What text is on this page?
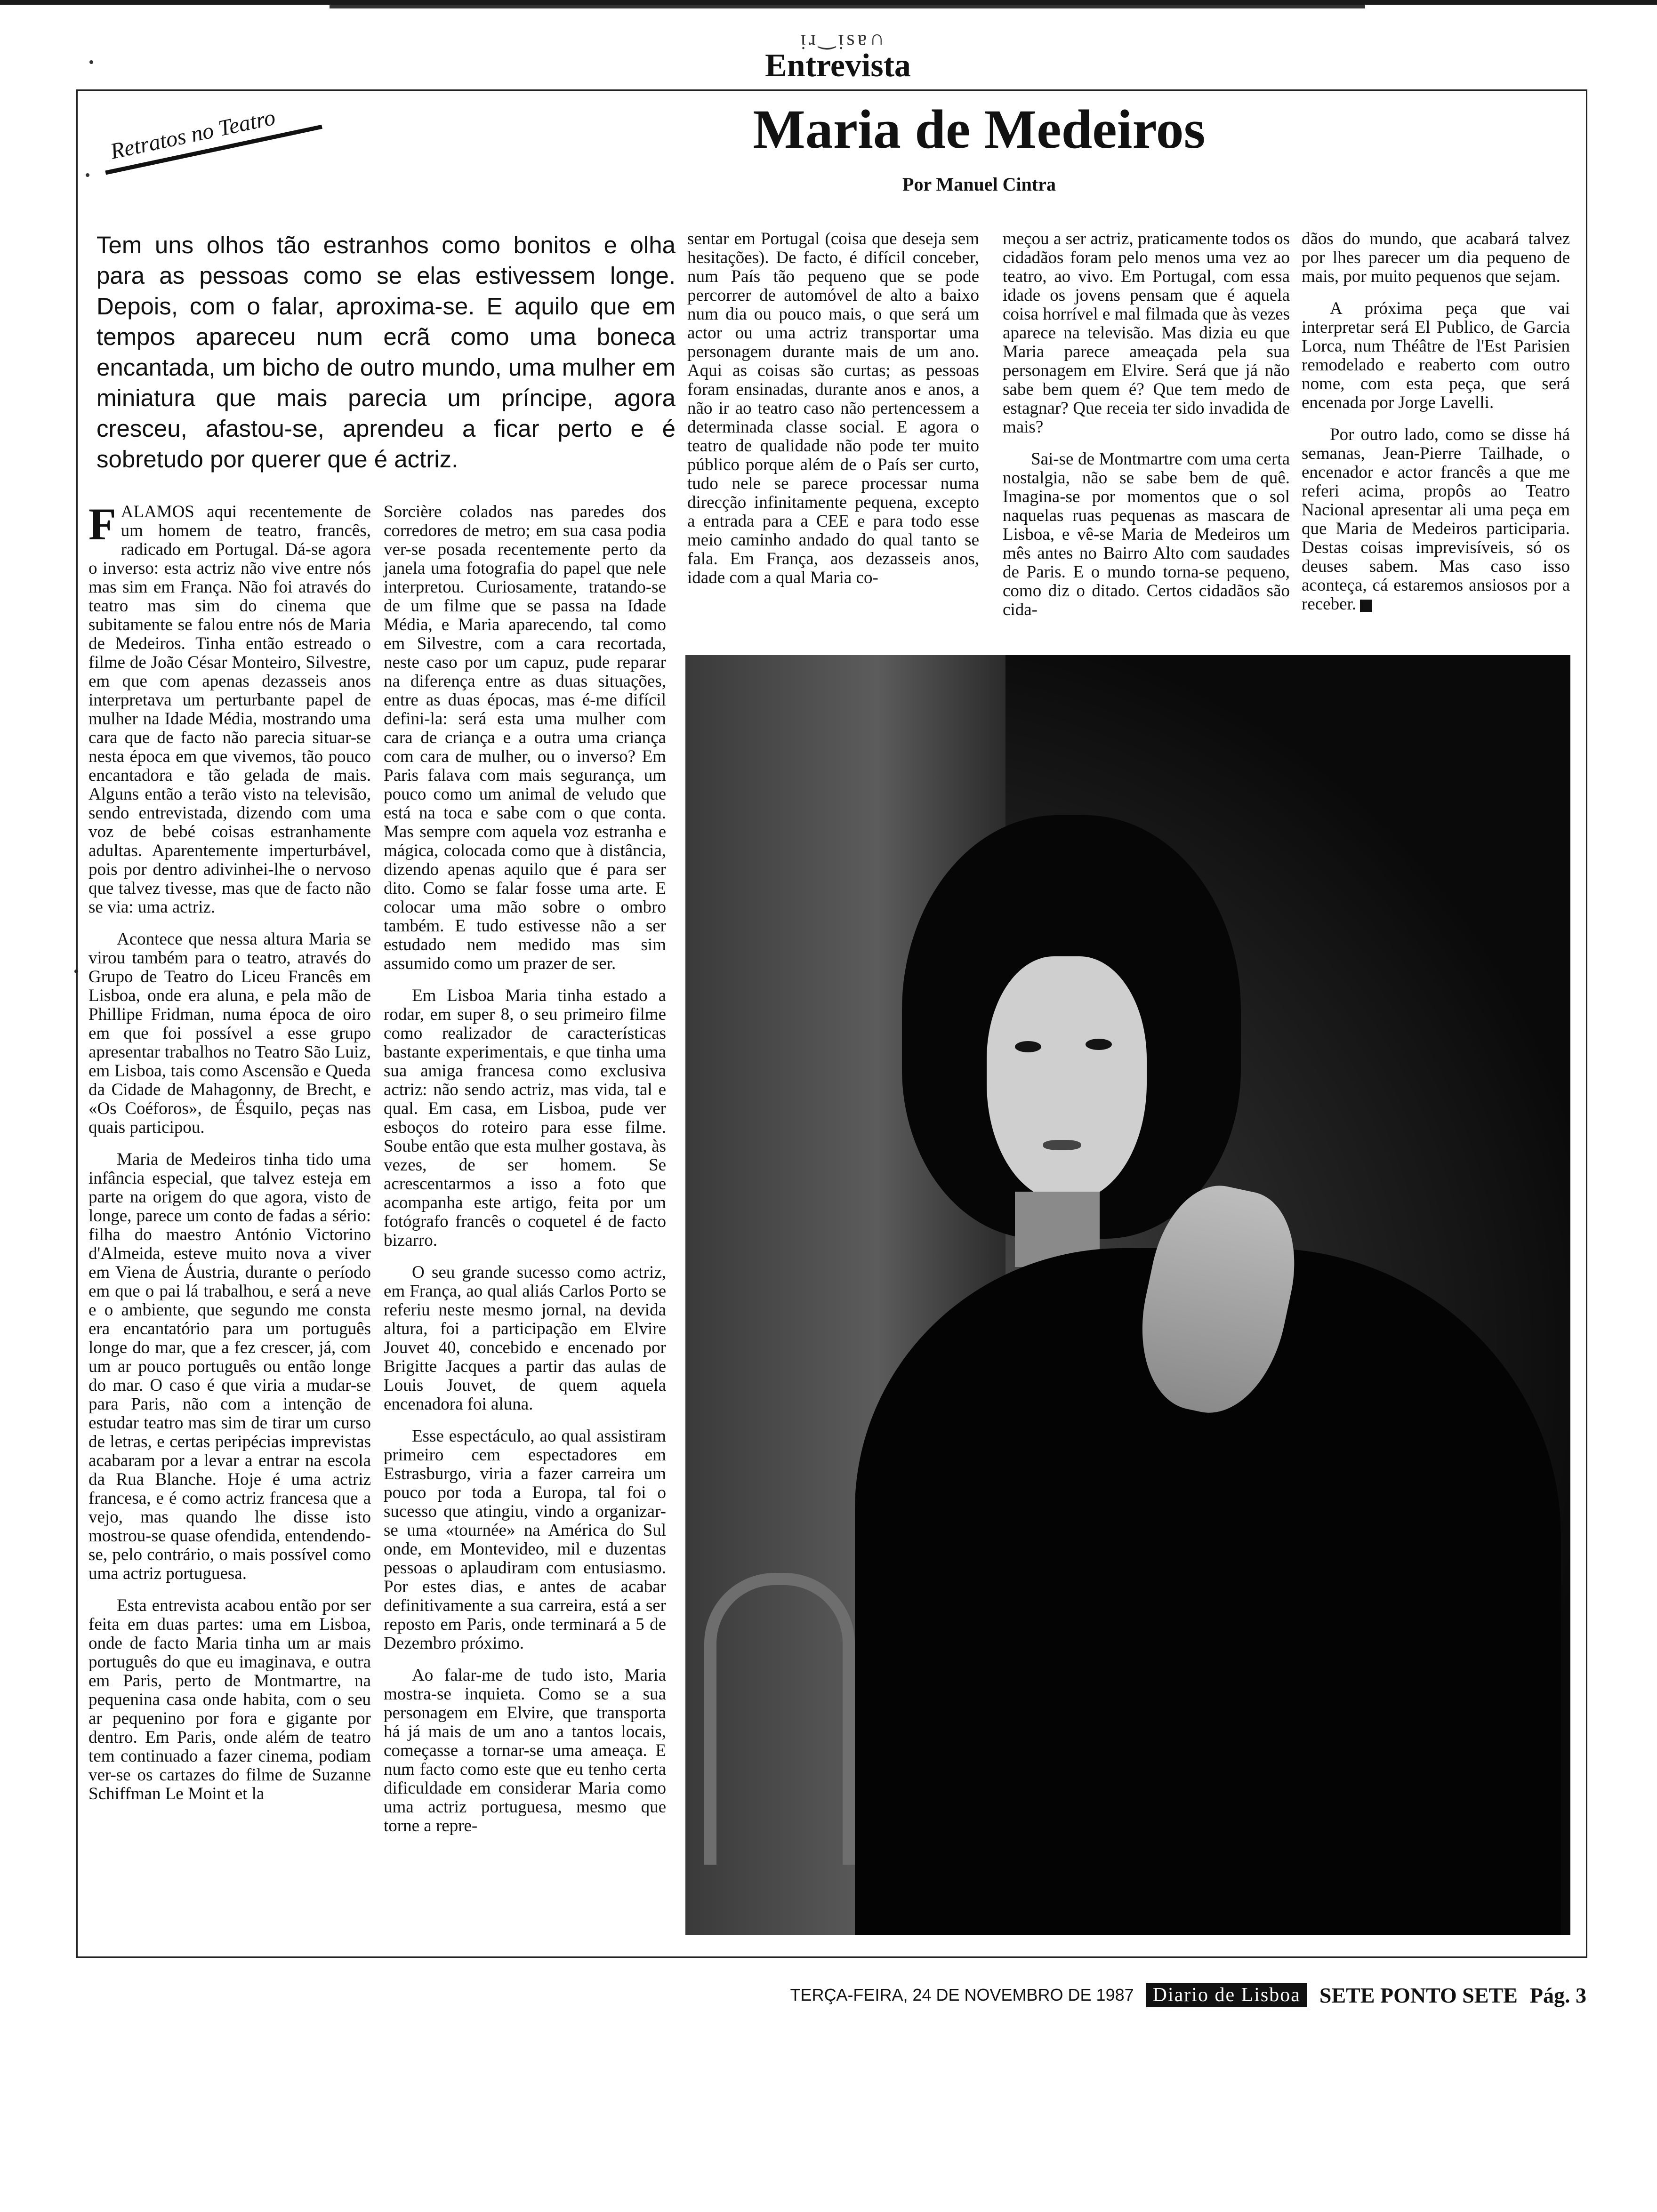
ᴉɹ‿ᴉsɐ∩
Entrevista
Retratos no Teatro	Maria de Medeiros
Por Manuel Cintra

Tem uns olhos tão estranhos como bonitos e olha para as pessoas como se elas estivessem longe. Depois, com o falar, aproxima-se. E aquilo que em tempos apareceu num ecrã como uma boneca encantada, um bicho de outro mundo, uma mulher em miniatura que mais parecia um príncipe, agora cresceu, afastou-se, aprendeu a ficar perto e é sobretudo por querer que é actriz.

FALAMOS aqui recentemente de um homem de teatro, francês, radicado em Portugal. Dá-se agora o inverso: esta actriz não vive entre nós mas sim em França. Não foi através do teatro mas sim do cinema que subitamente se falou entre nós de Maria de Medeiros. Tinha então estreado o filme de João César Monteiro, Silvestre, em que com apenas dezasseis anos interpretava um perturbante papel de mulher na Idade Média, mostrando uma cara que de facto não parecia situar-se nesta época em que vivemos, tão pouco encantadora e tão gelada de mais. Alguns então a terão visto na televisão, sendo entrevistada, dizendo com uma voz de bebé coisas estranhamente adultas. Aparentemente imperturbável, pois por dentro adivinhei-lhe o nervoso que talvez tivesse, mas que de facto não se via: uma actriz.

Acontece que nessa altura Maria se virou também para o teatro, através do Grupo de Teatro do Liceu Francês em Lisboa, onde era aluna, e pela mão de Phillipe Fridman, numa época de oiro em que foi possível a esse grupo apresentar trabalhos no Teatro São Luiz, em Lisboa, tais como Ascensão e Queda da Cidade de Mahagonny, de Brecht, e «Os Coéforos», de Ésquilo, peças nas quais participou.

Maria de Medeiros tinha tido uma infância especial, que talvez esteja em parte na origem do que agora, visto de longe, parece um conto de fadas a sério: filha do maestro António Victorino d'Almeida, esteve muito nova a viver em Viena de Áustria, durante o período em que o pai lá trabalhou, e será a neve e o ambiente, que segundo me consta era encantatório para um português longe do mar, que a fez crescer, já, com um ar pouco português ou então longe do mar. O caso é que viria a mudar-se para Paris, não com a intenção de estudar teatro mas sim de tirar um curso de letras, e certas peripécias imprevistas acabaram por a levar a entrar na escola da Rua Blanche. Hoje é uma actriz francesa, e é como actriz francesa que a vejo, mas quando lhe disse isto mostrou-se quase ofendida, entendendo-se, pelo contrário, o mais possível como uma actriz portuguesa.

Esta entrevista acabou então por ser feita em duas partes: uma em Lisboa, onde de facto Maria tinha um ar mais português do que eu imaginava, e outra em Paris, perto de Montmartre, na pequenina casa onde habita, com o seu ar pequenino por fora e gigante por dentro. Em Paris, onde além de teatro tem continuado a fazer cinema, podiam ver-se os cartazes do filme de Suzanne Schiffman Le Moint et la

Sorcière colados nas paredes dos corredores de metro; em sua casa podia ver-se posada recentemente perto da janela uma fotografia do papel que nele interpretou. Curiosamente, tratando-se de um filme que se passa na Idade Média, e Maria aparecendo, tal como em Silvestre, com a cara recortada, neste caso por um capuz, pude reparar na diferença entre as duas situações, entre as duas épocas, mas é-me difícil defini-la: será esta uma mulher com cara de criança e a outra uma criança com cara de mulher, ou o inverso? Em Paris falava com mais segurança, um pouco como um animal de veludo que está na toca e sabe com o que conta. Mas sempre com aquela voz estranha e mágica, colocada como que à distância, dizendo apenas aquilo que é para ser dito. Como se falar fosse uma arte. E colocar uma mão sobre o ombro também. E tudo estivesse não a ser estudado nem medido mas sim assumido como um prazer de ser.

Em Lisboa Maria tinha estado a rodar, em super 8, o seu primeiro filme como realizador de características bastante experimentais, e que tinha uma sua amiga francesa como exclusiva actriz: não sendo actriz, mas vida, tal e qual. Em casa, em Lisboa, pude ver esboços do roteiro para esse filme. Soube então que esta mulher gostava, às vezes, de ser homem. Se acrescentarmos a isso a foto que acompanha este artigo, feita por um fotógrafo francês o coquetel é de facto bizarro.

O seu grande sucesso como actriz, em França, ao qual aliás Carlos Porto se referiu neste mesmo jornal, na devida altura, foi a participação em Elvire Jouvet 40, concebido e encenado por Brigitte Jacques a partir das aulas de Louis Jouvet, de quem aquela encenadora foi aluna.

Esse espectáculo, ao qual assistiram primeiro cem espectadores em Estrasburgo, viria a fazer carreira um pouco por toda a Europa, tal foi o sucesso que atingiu, vindo a organizar-se uma «tournée» na América do Sul onde, em Montevideo, mil e duzentas pessoas o aplaudiram com entusiasmo. Por estes dias, e antes de acabar definitivamente a sua carreira, está a ser reposto em Paris, onde terminará a 5 de Dezembro próximo.

Ao falar-me de tudo isto, Maria mostra-se inquieta. Como se a sua personagem em Elvire, que transporta há já mais de um ano a tantos locais, começasse a tornar-se uma ameaça. E num facto como este que eu tenho certa dificuldade em considerar Maria como uma actriz portuguesa, mesmo que torne a repre-

sentar em Portugal (coisa que deseja sem hesitações). De facto, é difícil conceber, num País tão pequeno que se pode percorrer de automóvel de alto a baixo num dia ou pouco mais, o que será um actor ou uma actriz transportar uma personagem durante mais de um ano. Aqui as coisas são curtas; as pessoas foram ensinadas, durante anos e anos, a não ir ao teatro caso não pertencessem a determinada classe social. E agora o teatro de qualidade não pode ter muito público porque além de o País ser curto, tudo nele se parece processar numa direcção infinitamente pequena, excepto a entrada para a CEE e para todo esse meio caminho andado do qual tanto se fala. Em França, aos dezasseis anos, idade com a qual Maria co-

meçou a ser actriz, praticamente todos os cidadãos foram pelo menos uma vez ao teatro, ao vivo. Em Portugal, com essa idade os jovens pensam que é aquela coisa horrível e mal filmada que às vezes aparece na televisão. Mas dizia eu que Maria parece ameaçada pela sua personagem em Elvire. Será que já não sabe bem quem é? Que tem medo de estagnar? Que receia ter sido invadida de mais?

Sai-se de Montmartre com uma certa nostalgia, não se sabe bem de quê. Imagina-se por momentos que o sol naquelas ruas pequenas as mascara de Lisboa, e vê-se Maria de Medeiros um mês antes no Bairro Alto com saudades de Paris. E o mundo torna-se pequeno, como diz o ditado. Certos cidadãos são cida-

dãos do mundo, que acabará talvez por lhes parecer um dia pequeno de mais, por muito pequenos que sejam.

A próxima peça que vai interpretar será El Publico, de Garcia Lorca, num Théâtre de l'Est Parisien remodelado e reaberto com outro nome, com esta peça, que será encenada por Jorge Lavelli.

Por outro lado, como se disse há semanas, Jean-Pierre Tailhade, o encenador e actor francês a que me referi acima, propôs ao Teatro Nacional apresentar ali uma peça em que Maria de Medeiros participaria. Destas coisas imprevisíveis, só os deuses sabem. Mas caso isso aconteça, cá estaremos ansiosos por a receber.

TERÇA-FEIRA, 24 DE NOVEMBRO DE 1987 Diario de Lisboa SETE PONTO SETE Pág. 3
